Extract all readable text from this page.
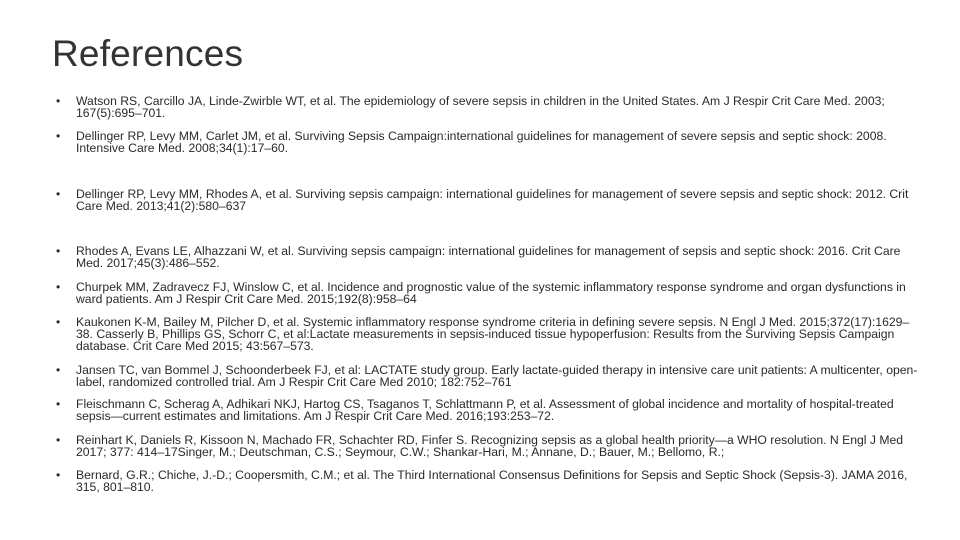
References
•	Watson RS, Carcillo JA, Linde-Zwirble WT, et al. The epidemiology of severe sepsis in children in the United States. Am J Respir Crit Care Med. 2003; 167(5):695–701.
•	Dellinger RP, Levy MM, Carlet JM, et al. Surviving Sepsis Campaign:international guidelines for management of severe sepsis and septic shock: 2008. Intensive Care Med. 2008;34(1):17–60.
•	Dellinger RP, Levy MM, Rhodes A, et al. Surviving sepsis campaign: international guidelines for management of severe sepsis and septic shock: 2012. Crit Care Med. 2013;41(2):580–637
•	Rhodes A, Evans LE, Alhazzani W, et al. Surviving sepsis campaign: international guidelines for management of sepsis and septic shock: 2016. Crit Care Med. 2017;45(3):486–552.
•	Churpek MM, Zadravecz FJ, Winslow C, et al. Incidence and prognostic value of the systemic inflammatory response syndrome and organ dysfunctions in ward patients. Am J Respir Crit Care Med. 2015;192(8):958–64
•	Kaukonen K-M, Bailey M, Pilcher D, et al. Systemic inflammatory response syndrome criteria in defining severe sepsis. N Engl J Med. 2015;372(17):1629–38. Casserly B, Phillips GS, Schorr C, et al:Lactate measurements in sepsis-induced tissue hypoperfusion: Results from the Surviving Sepsis Campaign database. Crit Care Med 2015; 43:567–573.
•	Jansen TC, van Bommel J, Schoonderbeek FJ, et al: LACTATE study group. Early lactate-guided therapy in intensive care unit patients: A multicenter, open-label, randomized controlled trial. Am J Respir Crit Care Med 2010; 182:752–761
•	Fleischmann C, Scherag A, Adhikari NKJ, Hartog CS, Tsaganos T, Schlattmann P, et al. Assessment of global incidence and mortality of hospital-treated sepsis—current estimates and limitations. Am J Respir Crit Care Med. 2016;193:253–72.
•	Reinhart K, Daniels R, Kissoon N, Machado FR, Schachter RD, Finfer S. Recognizing sepsis as a global health priority—a WHO resolution. N Engl J Med 2017; 377: 414–17Singer, M.; Deutschman, C.S.; Seymour, C.W.; Shankar-Hari, M.; Annane, D.; Bauer, M.; Bellomo, R.;
•	Bernard, G.R.; Chiche, J.-D.; Coopersmith, C.M.; et al. The Third International Consensus Definitions for Sepsis and Septic Shock (Sepsis-3). JAMA 2016, 315, 801–810.
